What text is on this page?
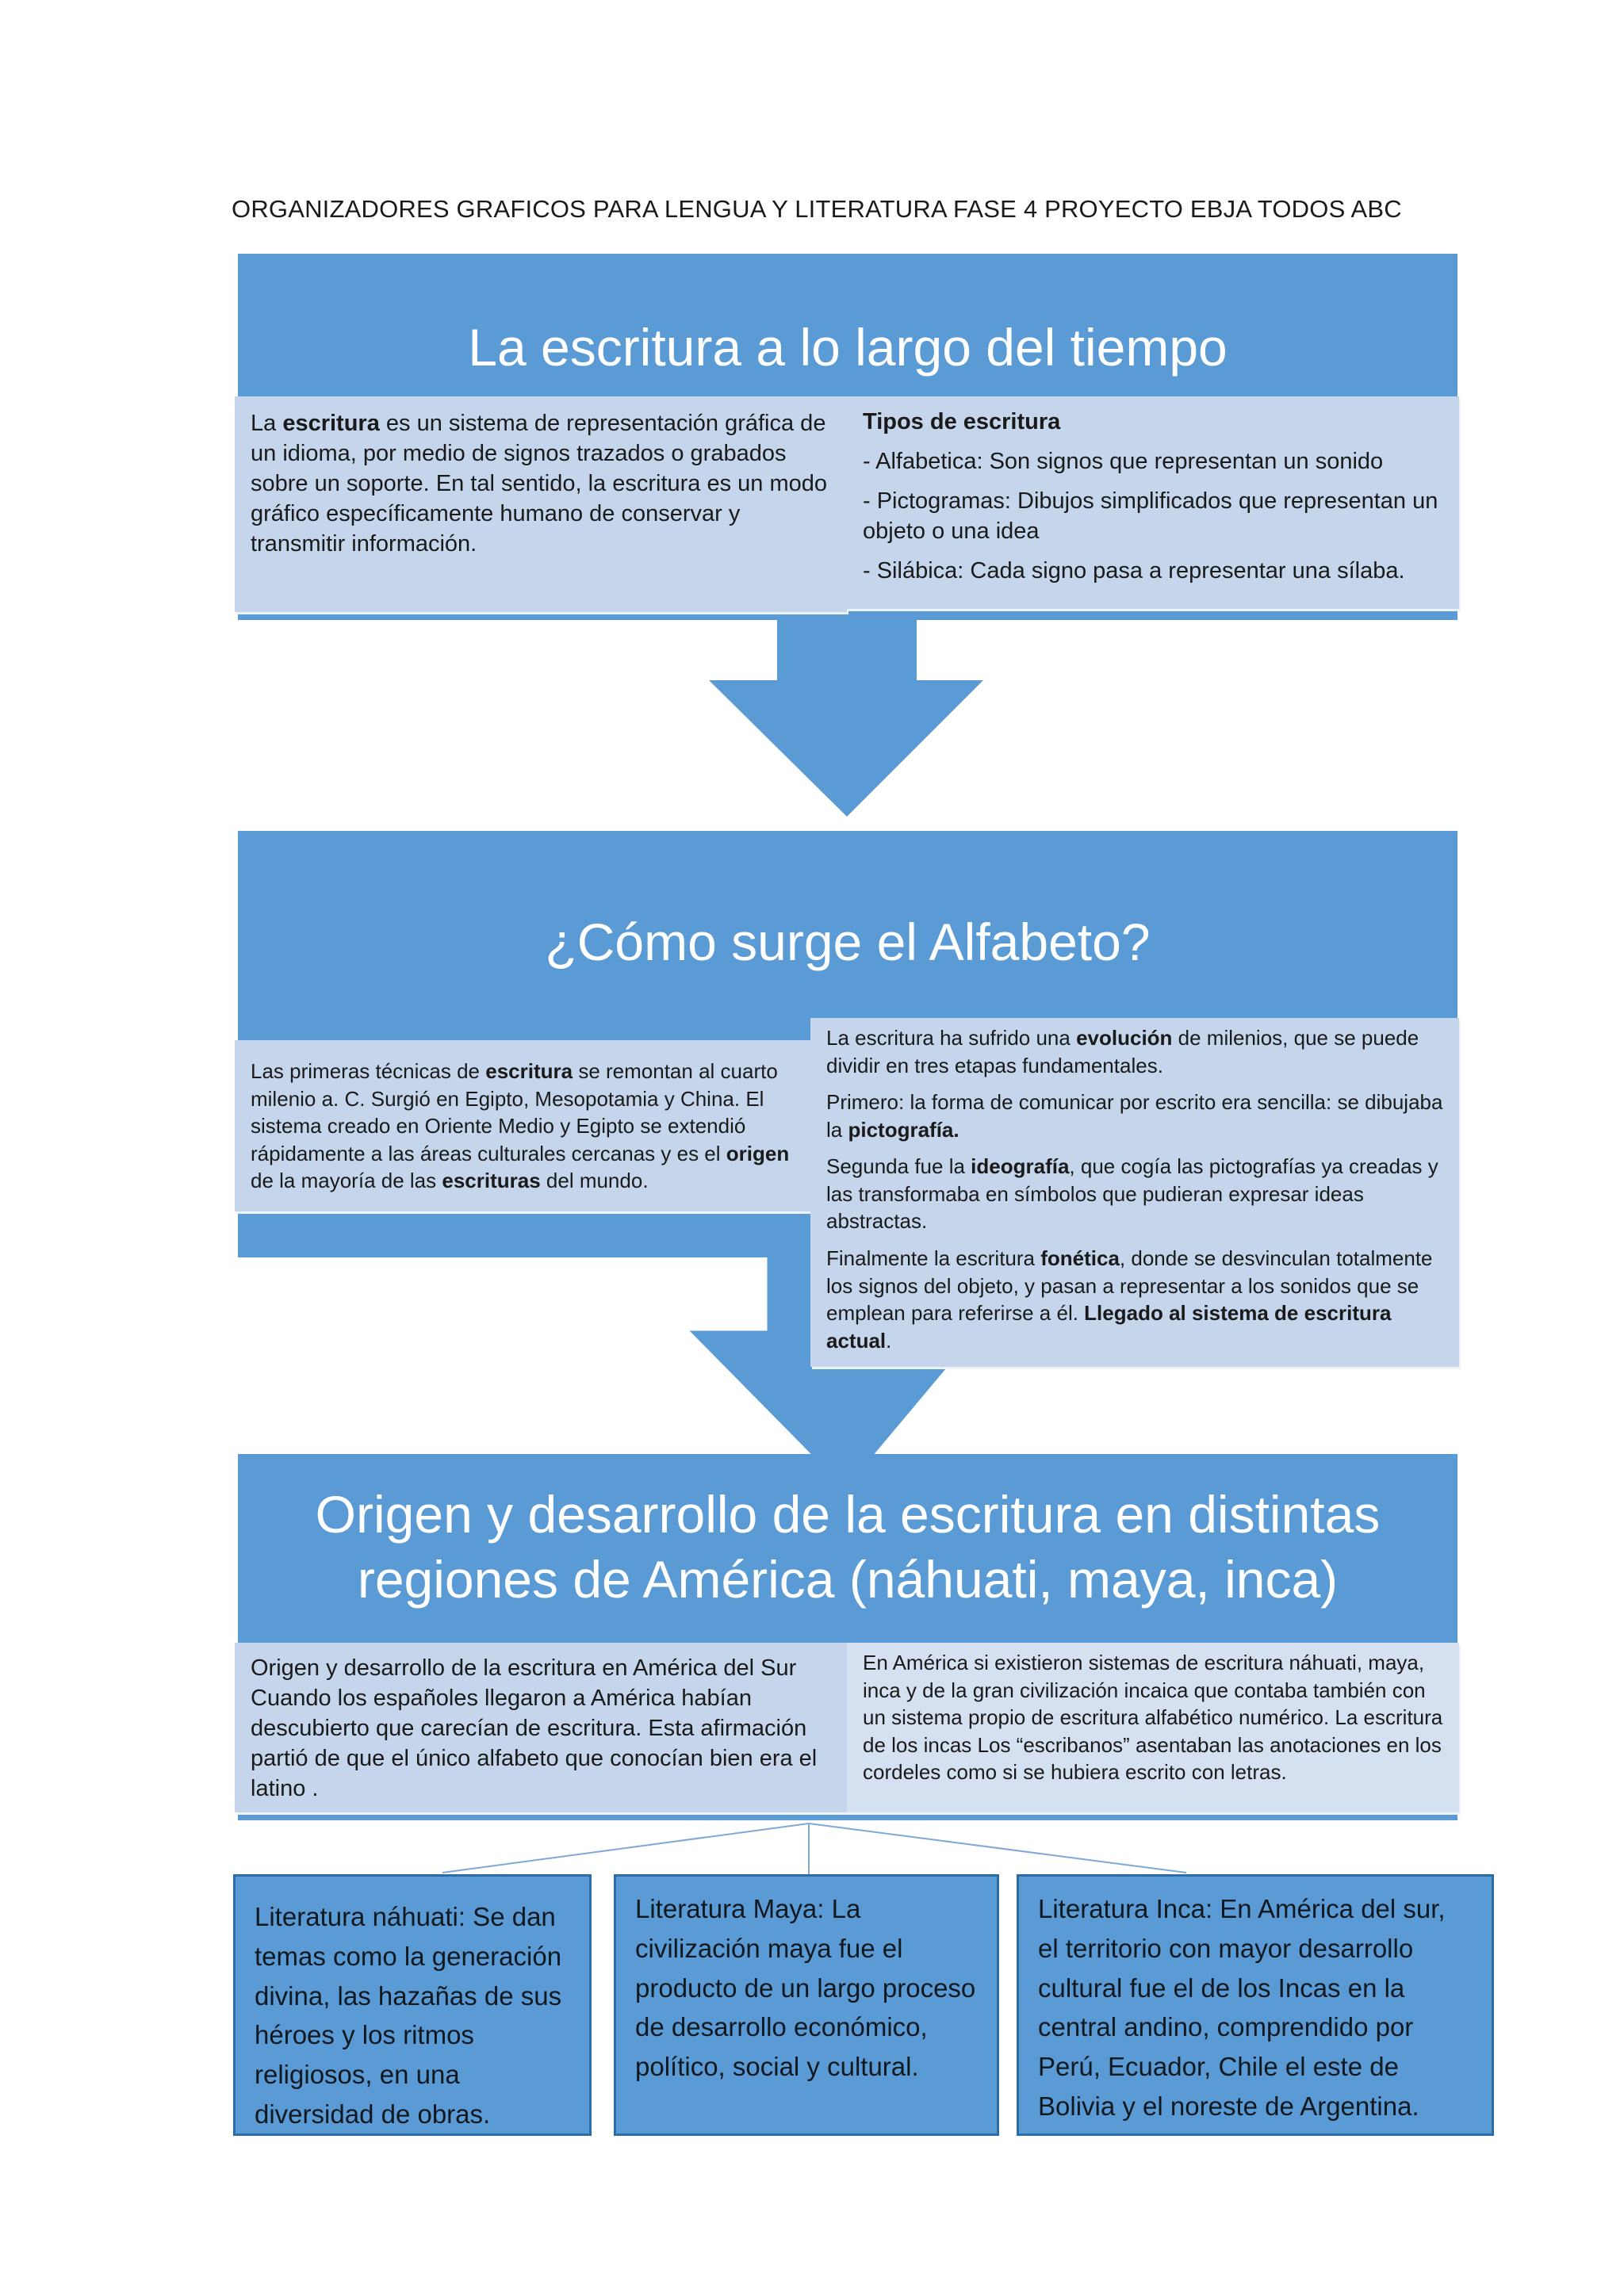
ORGANIZADORES GRAFICOS PARA LENGUA Y LITERATURA FASE 4 PROYECTO EBJA TODOS ABC
La escritura a lo largo del tiempo
La escritura es un sistema de representación gráfica de un idioma, por medio de signos trazados o grabados sobre un soporte. En tal sentido, la escritura es un modo gráfico específicamente humano de conservar y transmitir información.

Tipos de escritura

- Alfabetica: Son signos que representan un sonido

- Pictogramas: Dibujos simplificados que representan un objeto o una idea

- Silábica: Cada signo pasa a representar una sílaba.

¿Cómo surge el Alfabeto?
Las primeras técnicas de escritura se remontan al cuarto milenio a. C. Surgió en Egipto, Mesopotamia y China. El sistema creado en Oriente Medio y Egipto se extendió rápidamente a las áreas culturales cercanas y es el origen de la mayoría de las escrituras del mundo.

La escritura ha sufrido una evolución de milenios, que se puede dividir en tres etapas fundamentales.

Primero: la forma de comunicar por escrito era sencilla: se dibujaba la pictografía.

Segunda fue la ideografía, que cogía las pictografías ya creadas y las transformaba en símbolos que pudieran expresar ideas abstractas.

Finalmente la escritura fonética, donde se desvinculan totalmente los signos del objeto, y pasan a representar a los sonidos que se emplean para referirse a él. Llegado al sistema de escritura actual.

Origen y desarrollo de la escritura en distintas
regiones de América (náhuati, maya, inca)
Origen y desarrollo de la escritura en América del Sur Cuando los españoles llegaron a América habían descubierto que carecían de escritura. Esta afirmación partió de que el único alfabeto que conocían bien era el latino .
En América si existieron sistemas de escritura náhuati, maya, inca y de la gran civilización incaica que contaba también con un sistema propio de escritura alfabético numérico. La escritura de los incas Los “escribanos” asentaban las anotaciones en los cordeles como si se hubiera escrito con letras.
Literatura náhuati: Se dan temas como la generación divina, las hazañas de sus héroes y los ritmos religiosos, en una diversidad de obras.
Literatura Maya: La civilización maya fue el producto de un largo proceso de desarrollo económico, político, social y cultural.
Literatura Inca: En América del sur, el territorio con mayor desarrollo cultural fue el de los Incas en la central andino, comprendido por Perú, Ecuador, Chile el este de Bolivia y el noreste de Argentina.
